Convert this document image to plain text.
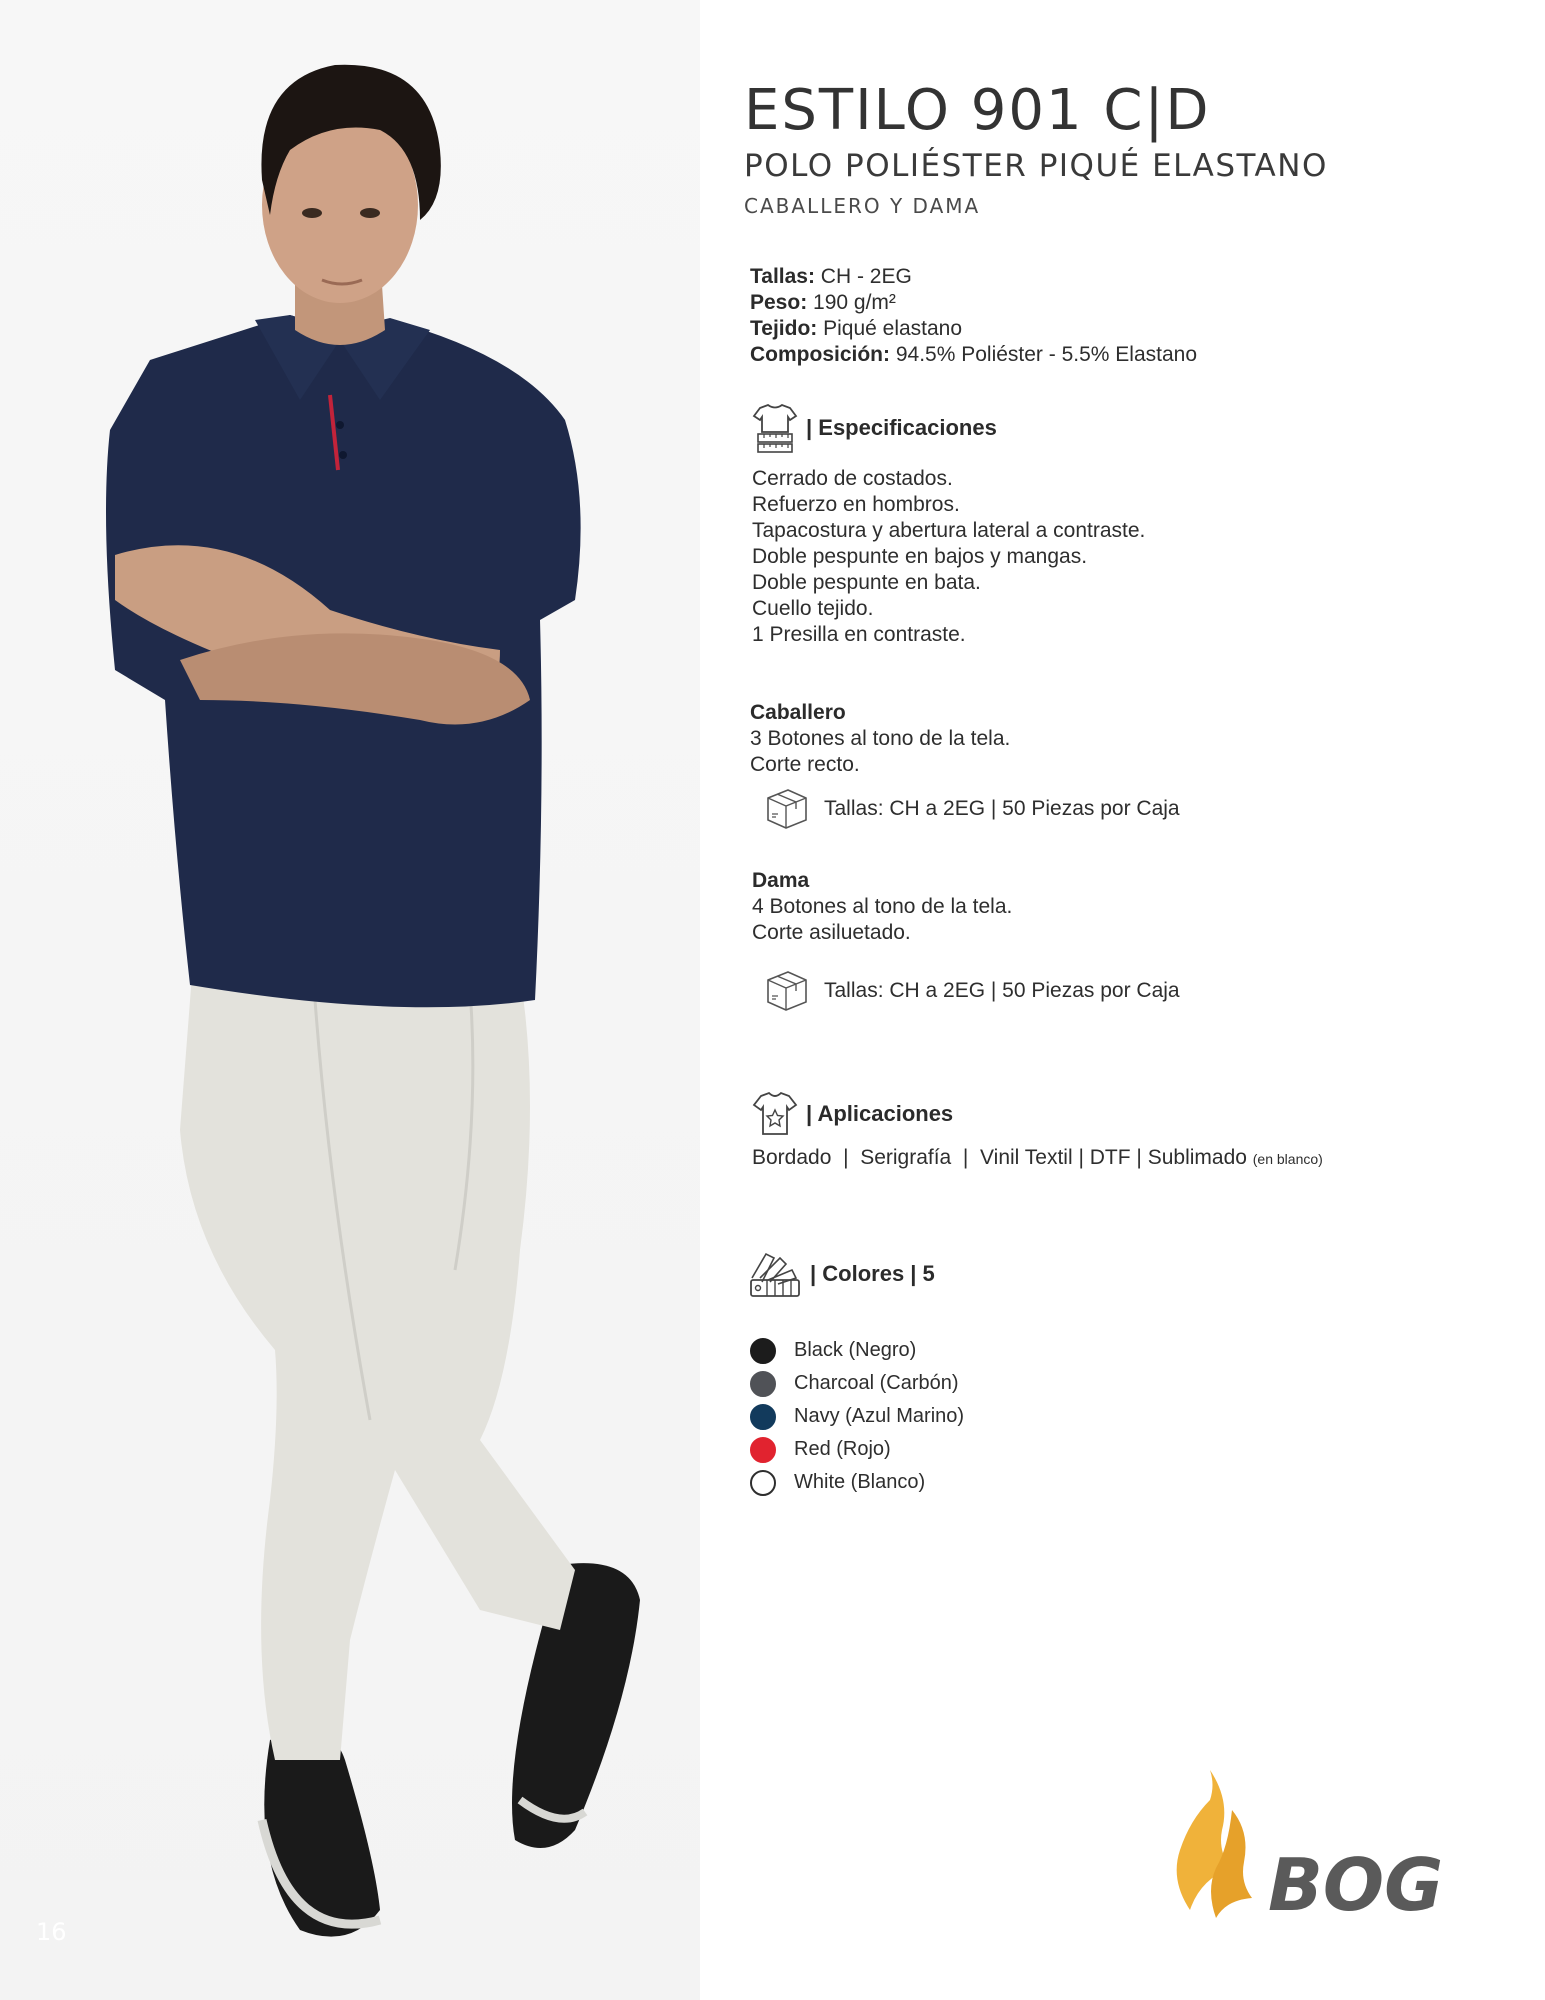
16
ESTILO 901 C|D
POLO POLIÉSTER PIQUÉ ELASTANO
CABALLERO Y DAMA
Tallas: CH - 2EG
Peso: 190 g/m²
Tejido: Piqué elastano
Composición: 94.5% Poliéster - 5.5% Elastano
| Especificaciones
Cerrado de costados.
Refuerzo en hombros.
Tapacostura y abertura lateral a contraste.
Doble pespunte en bajos y mangas.
Doble pespunte en bata.
Cuello tejido.
1 Presilla en contraste.
Caballero
3 Botones al tono de la tela.
Corte recto.
Tallas: CH a 2EG | 50 Piezas por Caja
Dama
4 Botones al tono de la tela.
Corte asiluetado.
Tallas: CH a 2EG | 50 Piezas por Caja
| Aplicaciones
Bordado  |  Serigrafía  |  Vinil Textil | DTF | Sublimado (en blanco)
| Colores | 5
Black (Negro)
Charcoal (Carbón)
Navy (Azul Marino)
Red (Rojo)
White (Blanco)
BOG
